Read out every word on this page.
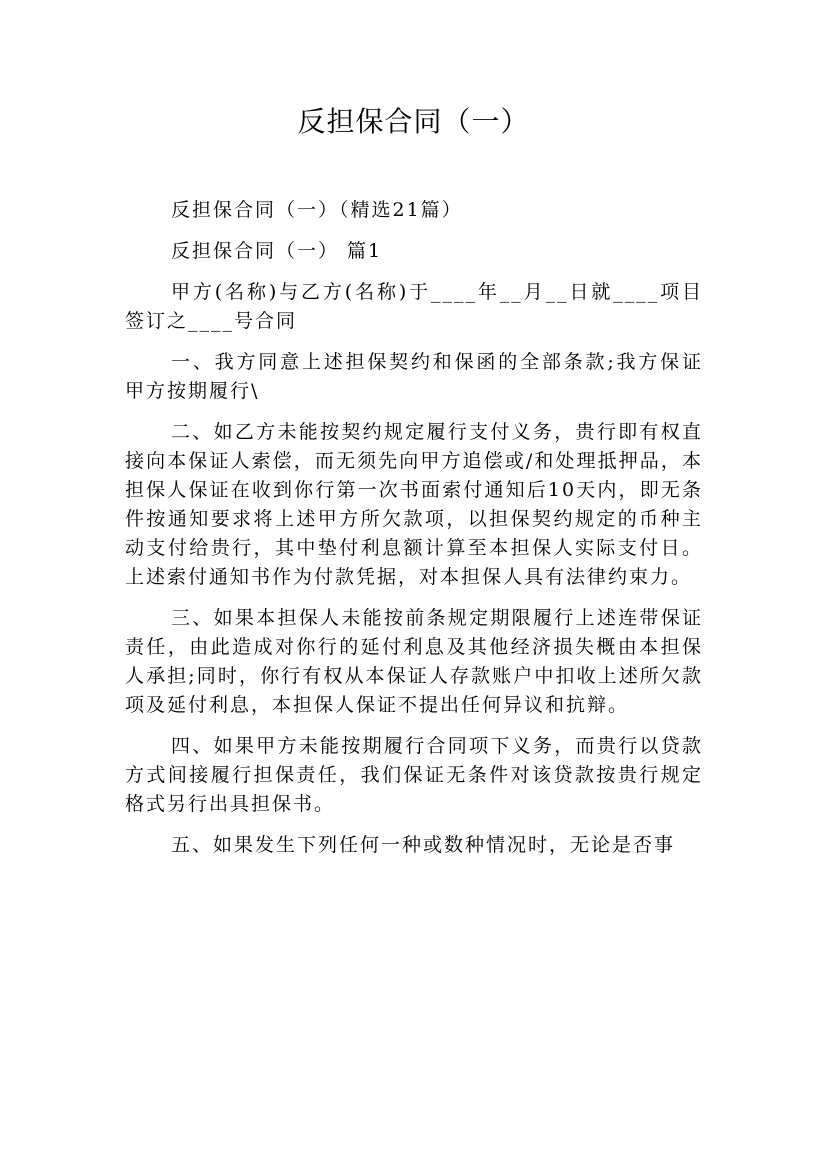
反担保合同（一）

反担保合同（一）（精选21篇）

反担保合同（一） 篇1

甲方(名称)与乙方(名称)于____年__月__日就____项目签订之____号合同

一、我方同意上述担保契约和保函的全部条款;我方保证甲方按期履行\

二、如乙方未能按契约规定履行支付义务，贵行即有权直接向本保证人索偿，而无须先向甲方追偿或/和处理抵押品，本担保人保证在收到你行第一次书面索付通知后10天内，即无条件按通知要求将上述甲方所欠款项，以担保契约规定的币种主动支付给贵行，其中垫付利息额计算至本担保人实际支付日。上述索付通知书作为付款凭据，对本担保人具有法律约束力。

三、如果本担保人未能按前条规定期限履行上述连带保证责任，由此造成对你行的延付利息及其他经济损失概由本担保人承担;同时，你行有权从本保证人存款账户中扣收上述所欠款项及延付利息，本担保人保证不提出任何异议和抗辩。

四、如果甲方未能按期履行合同项下义务，而贵行以贷款方式间接履行担保责任，我们保证无条件对该贷款按贵行规定格式另行出具担保书。

五、如果发生下列任何一种或数种情况时，无论是否事
